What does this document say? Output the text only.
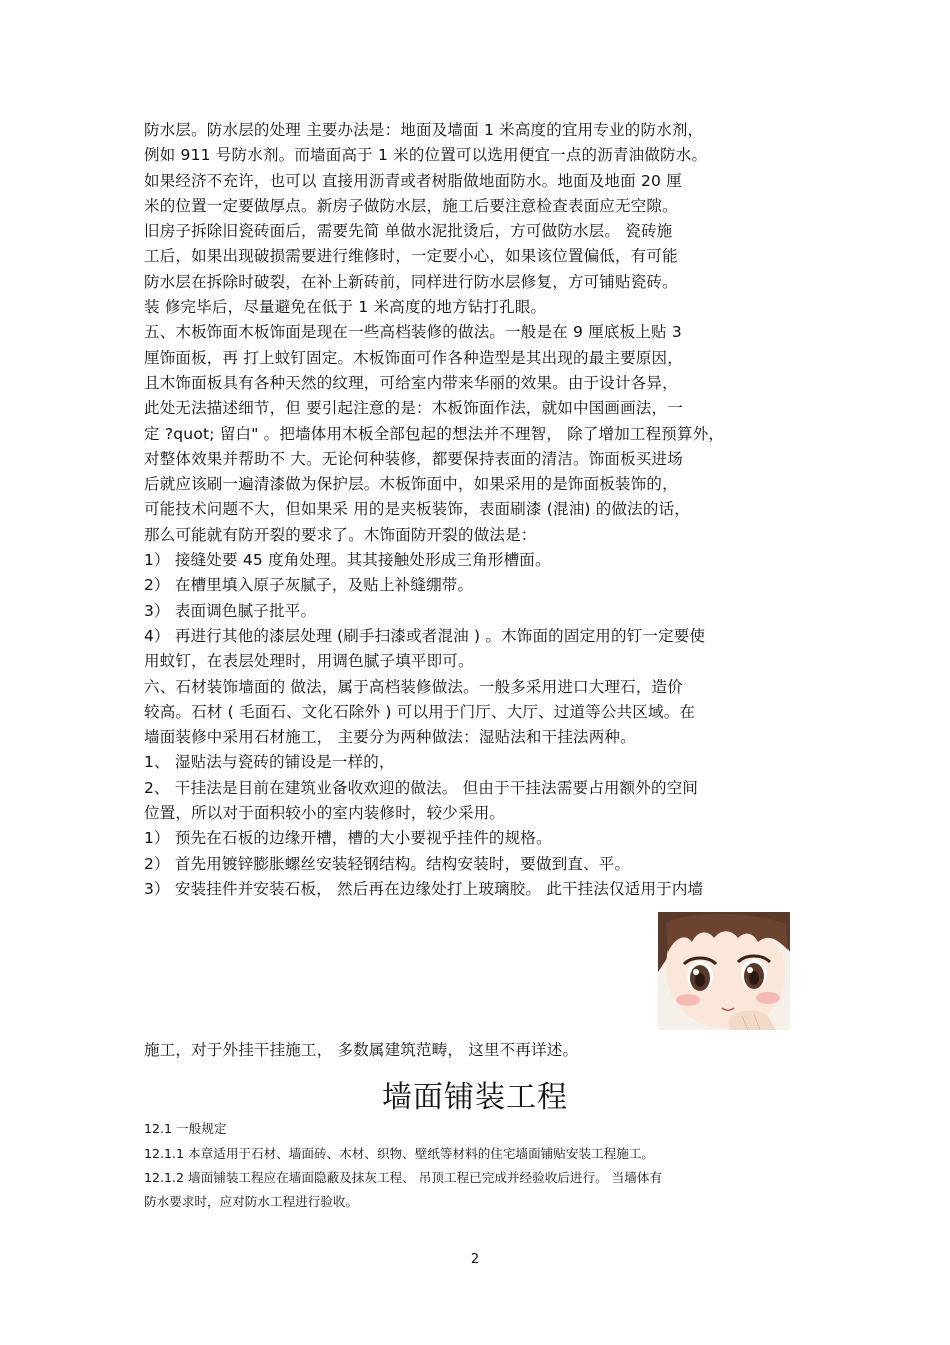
防水层。防水层的处理 主要办法是：地面及墙面 1 米高度的宜用专业的防水剂，
例如 911 号防水剂。而墙面高于 1 米的位置可以选用便宜一点的沥青油做防水。
如果经济不充许，也可以 直接用沥青或者树脂做地面防水。地面及地面 20 厘
米的位置一定要做厚点。新房子做防水层，施工后要注意检查表面应无空隙。
旧房子拆除旧瓷砖面后，需要先简 单做水泥批烫后，方可做防水层。 瓷砖施
工后，如果出现破损需要进行维修时，一定要小心，如果该位置偏低，有可能
防水层在拆除时破裂，在补上新砖前，同样进行防水层修复，方可铺贴瓷砖。
装 修完毕后，尽量避免在低于 1 米高度的地方钻打孔眼。
五、木板饰面木板饰面是现在一些高档装修的做法。一般是在 9 厘底板上贴 3
厘饰面板，再 打上蚊钉固定。木板饰面可作各种造型是其出现的最主要原因，
且木饰面板具有各种天然的纹理，可给室内带来华丽的效果。由于设计各异，
此处无法描述细节，但 要引起注意的是：木板饰面作法，就如中国画画法，一
定 ?quot; 留白" 。把墙体用木板全部包起的想法并不理智， 除了增加工程预算外，
对整体效果并帮助不 大。无论何种装修，都要保持表面的清洁。饰面板买进场
后就应该刷一遍清漆做为保护层。木板饰面中，如果采用的是饰面板装饰的，
可能技术问题不大，但如果采 用的是夹板装饰，表面刷漆 (混油) 的做法的话，
那么可能就有防开裂的要求了。木饰面防开裂的做法是：
1） 接缝处要 45 度角处理。其其接触处形成三角形槽面。
2） 在槽里填入原子灰腻子，及贴上补缝绷带。
3） 表面调色腻子批平。
4） 再进行其他的漆层处理 (刷手扫漆或者混油 ) 。木饰面的固定用的钉一定要使
用蚊钉，在表层处理时，用调色腻子填平即可。
六、石材装饰墙面的 做法，属于高档装修做法。一般多采用进口大理石，造价
较高。石材 ( 毛面石、文化石除外 ) 可以用于门厅、大厅、过道等公共区域。在
墙面装修中采用石材施工， 主要分为两种做法：湿贴法和干挂法两种。
1、 湿贴法与瓷砖的铺设是一样的，
2、 干挂法是目前在建筑业备收欢迎的做法。 但由于干挂法需要占用额外的空间
位置，所以对于面积较小的室内装修时，较少采用。
1） 预先在石板的边缘开槽，槽的大小要视乎挂件的规格。
2） 首先用镀锌膨胀螺丝安装轻钢结构。结构安装时，要做到直、平。
3） 安装挂件并安装石板， 然后再在边缘处打上玻璃胶。 此干挂法仅适用于内墙
施工，对于外挂干挂施工， 多数属建筑范畴， 这里不再详述。
墙面铺装工程
12.1 一般规定
12.1.1 本章适用于石材、墙面砖、木材、织物、壁纸等材料的住宅墙面铺贴安装工程施工。
12.1.2 墙面铺装工程应在墙面隐蔽及抹灰工程、 吊顶工程已完成并经验收后进行。 当墙体有
防水要求时，应对防水工程进行验收。
2
